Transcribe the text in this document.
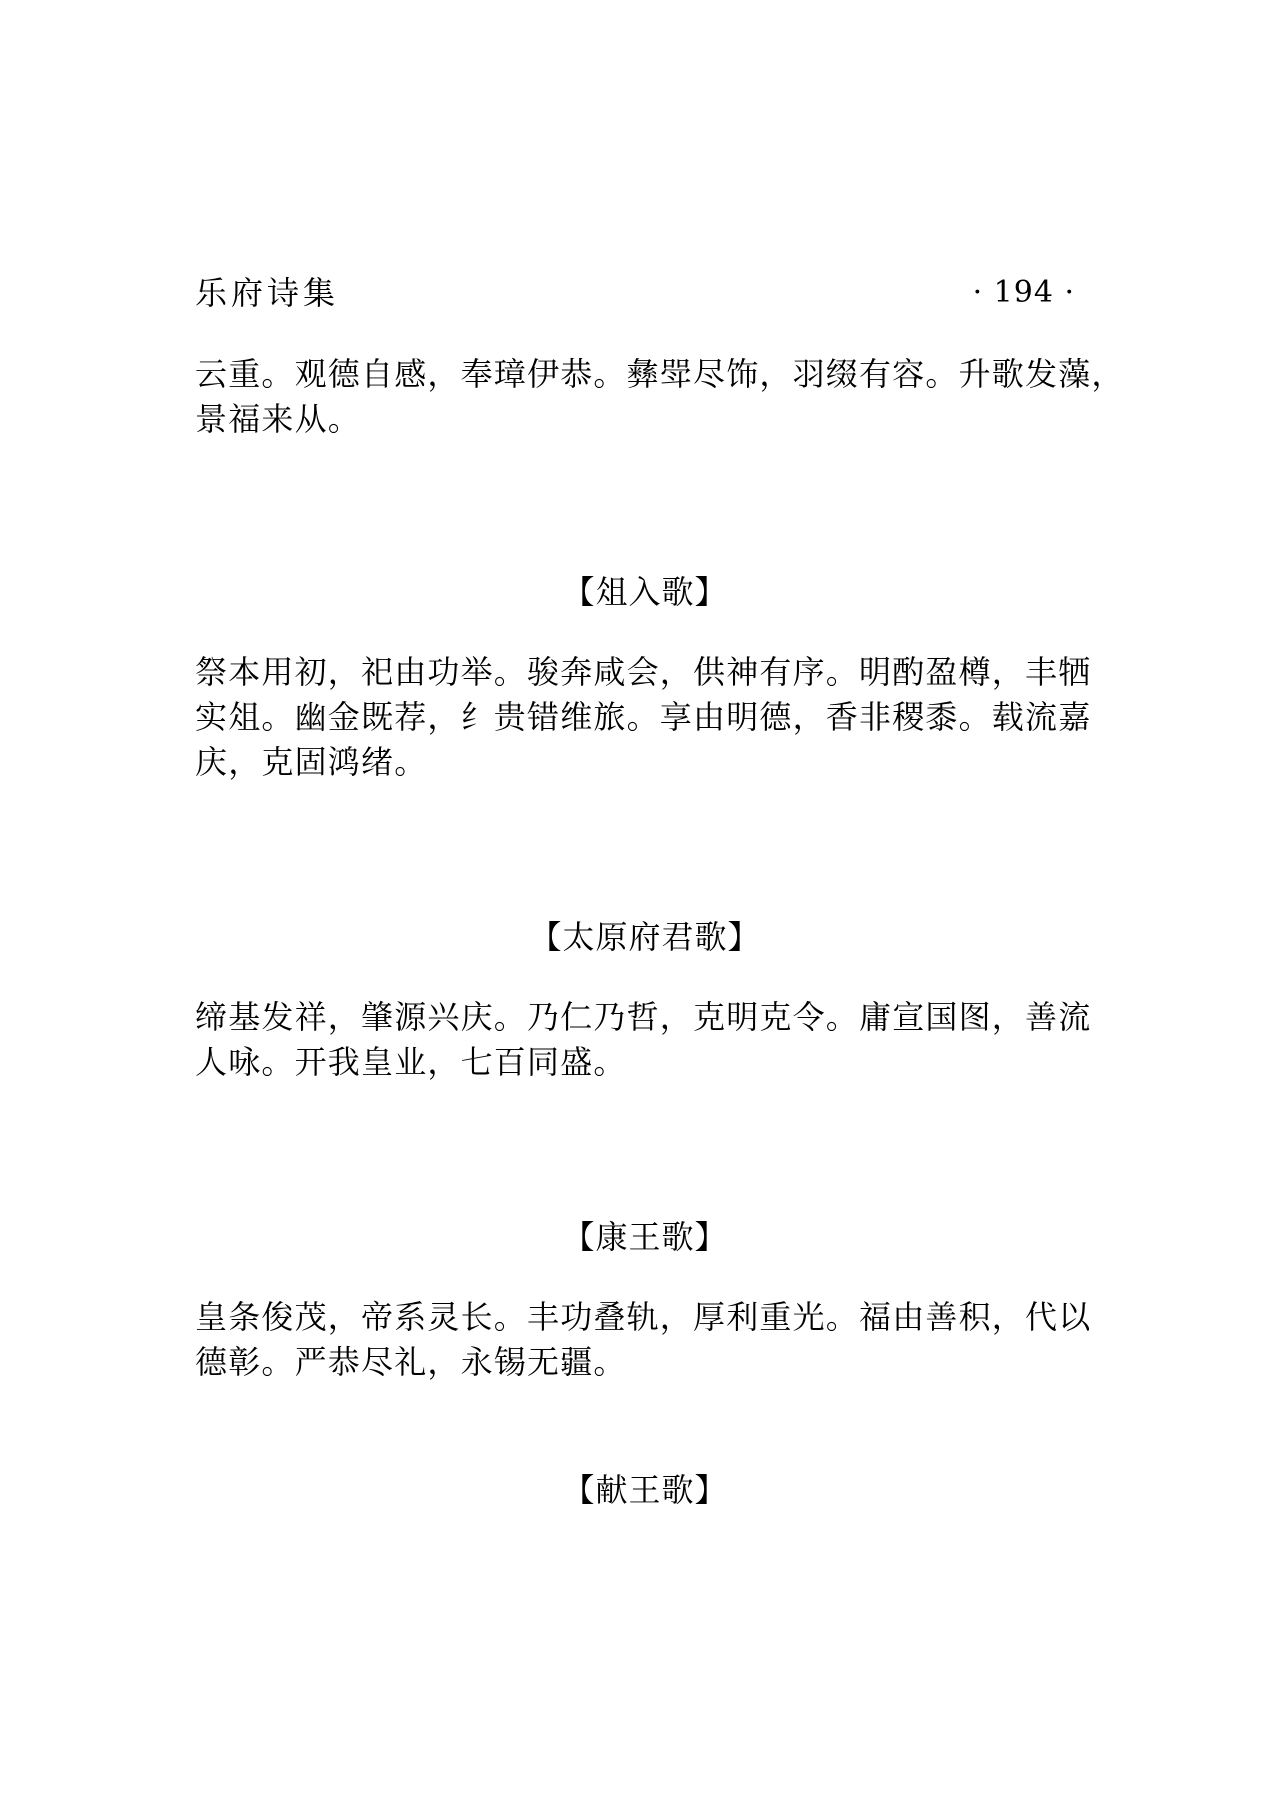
乐府诗集	· 194 ·
云重。观德自感，奉璋伊恭。彝斝尽饰，羽缀有容。升歌发藻，
景福来从。
【俎入歌】
祭本用初，祀由功举。骏奔咸会，供神有序。明酌盈樽，丰牺
实俎。幽金既荐，纟贵错维旅。享由明德，香非稷黍。载流嘉
庆，克固鸿绪。
【太原府君歌】
缔基发祥，肇源兴庆。乃仁乃哲，克明克令。庸宣国图，善流
人咏。开我皇业，七百同盛。
【康王歌】
皇条俊茂，帝系灵长。丰功叠轨，厚利重光。福由善积，代以
德彰。严恭尽礼，永锡无疆。
【献王歌】
